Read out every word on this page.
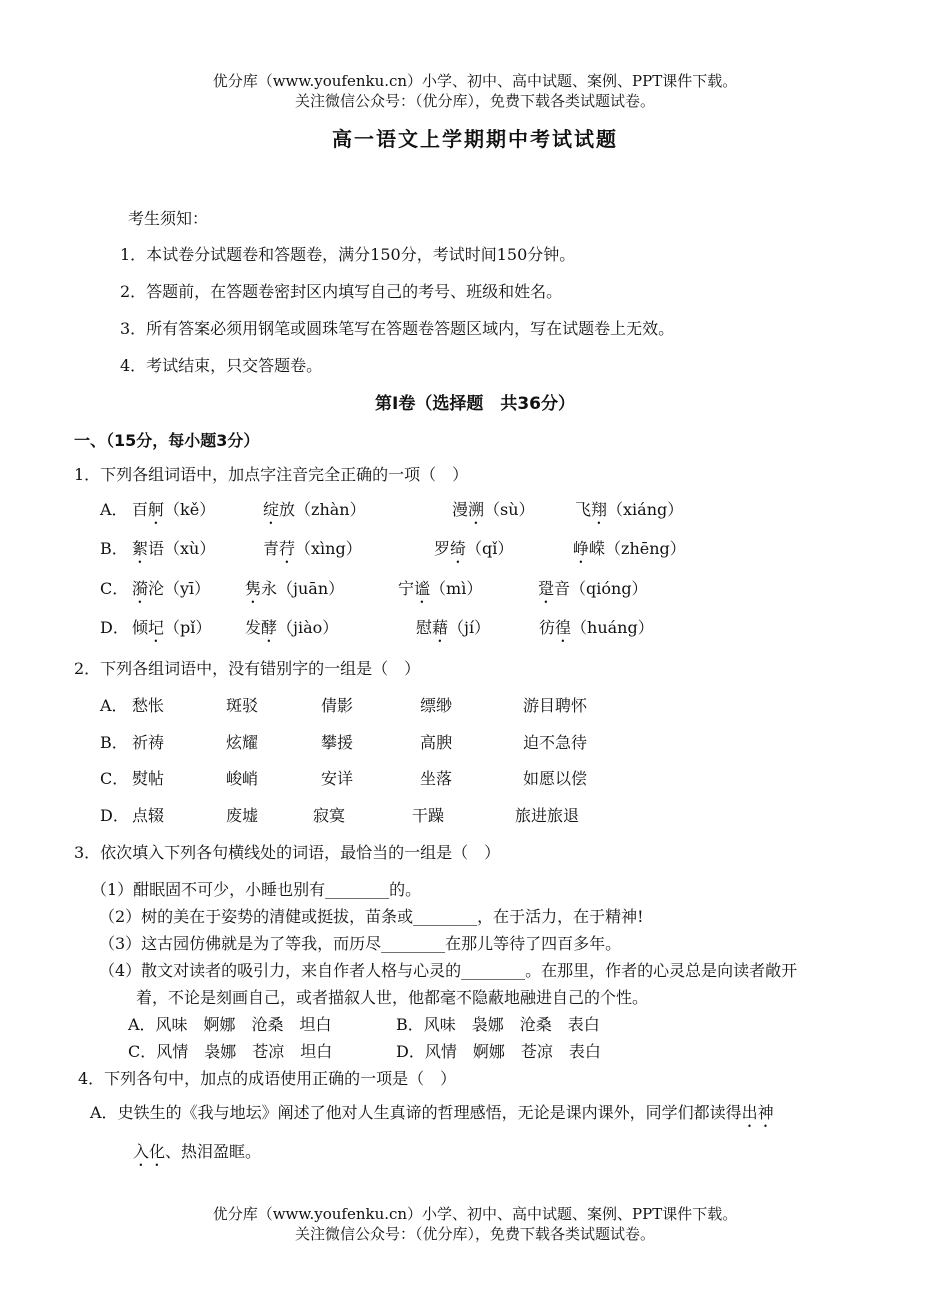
优分库（www.youfenku.cn）小学、初中、高中试题、案例、PPT课件下载。
关注微信公众号：（优分库），免费下载各类试题试卷。
高一语文上学期期中考试试题
考生须知：
1．本试卷分试题卷和答题卷，满分150分，考试时间150分钟。
2．答题前，在答题卷密封区内填写自己的考号、班级和姓名。
3．所有答案必须用钢笔或圆珠笔写在答题卷答题区域内，写在试题卷上无效。
4．考试结束，只交答题卷。
第Ⅰ卷（选择题　共36分）
一、（15分，每小题3分）
1．下列各组词语中，加点字注音完全正确的一项（　）
A． 百舸（kě）	绽放（zhàn）	漫溯（sù）	飞翔（xiáng）
B． 絮语（xù）	青荇（xìng）	罗绮（qǐ）	峥嵘（zhēng）
C． 漪沦（yī） 隽永（juān）	宁谧（mì）	跫音（qióng）
D． 倾圮（pǐ） 发酵（jiào）	慰藉（jí）	彷徨（huáng）
2．下列各组词语中，没有错别字的一组是（　）
A． 愁怅	斑驳	倩影	缥缈	游目聘怀
B． 祈祷	炫耀	攀援	高腴	迫不急待
C． 熨帖	峻峭	安详	坐落	如愿以偿
D． 点辍	废墟	寂寞	干躁	旅进旅退
3．依次填入下列各句横线处的词语，最恰当的一组是（　）
（1）酣眠固不可少，小睡也别有________的。
（2）树的美在于姿势的清健或挺拔，苗条或________，在于活力，在于精神!
（3）这古园仿佛就是为了等我，而历尽________在那儿等待了四百多年。
（4）散文对读者的吸引力，来自作者人格与心灵的________。在那里，作者的心灵总是向读者敞开
着，不论是刻画自己，或者描叙人世，他都毫不隐蔽地融进自己的个性。
A．风味　婀娜　沧桑　坦白	B．风味　袅娜　沧桑　表白
C．风情　袅娜　苍凉　坦白	D．风情　婀娜　苍凉　表白
4．下列各句中，加点的成语使用正确的一项是（　）
A．史铁生的《我与地坛》阐述了他对人生真谛的哲理感悟，无论是课内课外，同学们都读得出神
入化、热泪盈眶。
优分库（www.youfenku.cn）小学、初中、高中试题、案例、PPT课件下载。
关注微信公众号：（优分库），免费下载各类试题试卷。
